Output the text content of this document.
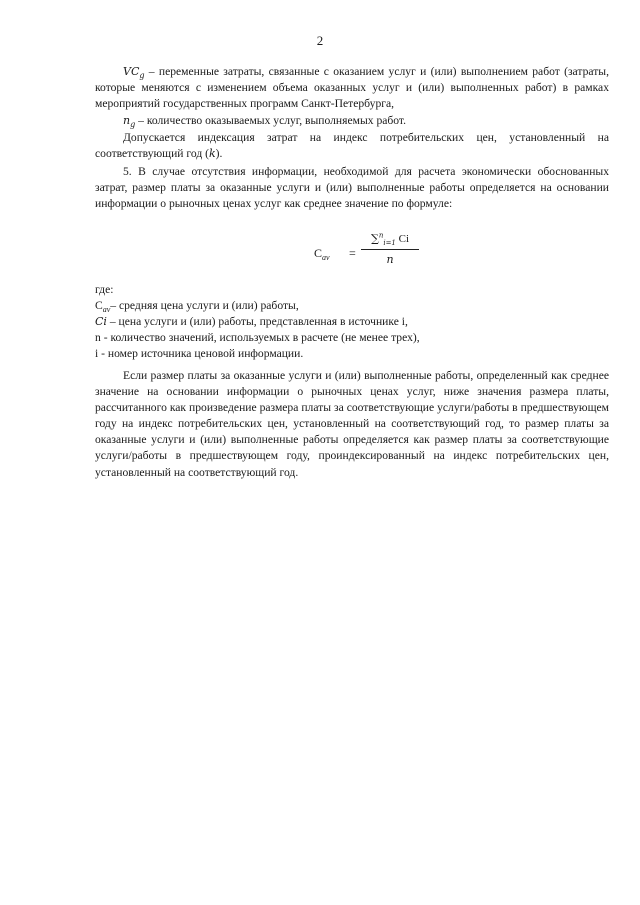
2

$VC_g$ – переменные затраты, связанные с оказанием услуг и (или) выполнением работ (затраты, которые меняются с изменением объема оказанных услуг и (или) выполненных работ) в рамках мероприятий государственных программ Санкт-Петербурга,

$n_g$ – количество оказываемых услуг, выполняемых работ.

Допускается индексация затрат на индекс потребительских цен, установленный на соответствующий год (k).

5. В случае отсутствия информации, необходимой для расчета экономически обоснованных затрат, размер платы за оказанные услуги и (или) выполненные работы определяется на основании информации о рыночных ценах услуг как среднее значение по формуле:

$C_{av} = \frac{\sum^n_{i=1} Ci}{n}$

где:

$C_{av}-$ средняя цена услуги и (или) работы,

Ci – цена услуги и (или) работы, представленная в источнике i,

n - количество значений, используемых в расчете (не менее трех),

i - номер источника ценовой информации.

Если размер платы за оказанные услуги и (или) выполненные работы, определенный как среднее значение на основании информации о рыночных ценах услуг, ниже значения размера платы, рассчитанного как произведение размера платы за соответствующие услуги/работы в предшествующем году на индекс потребительских цен, установленный на соответствующий год, то размер платы за оказанные услуги и (или) выполненные работы определяется как размер платы за соответствующие услуги/работы в предшествующем году, проиндексированный на индекс потребительских цен, установленный на соответствующий год.
